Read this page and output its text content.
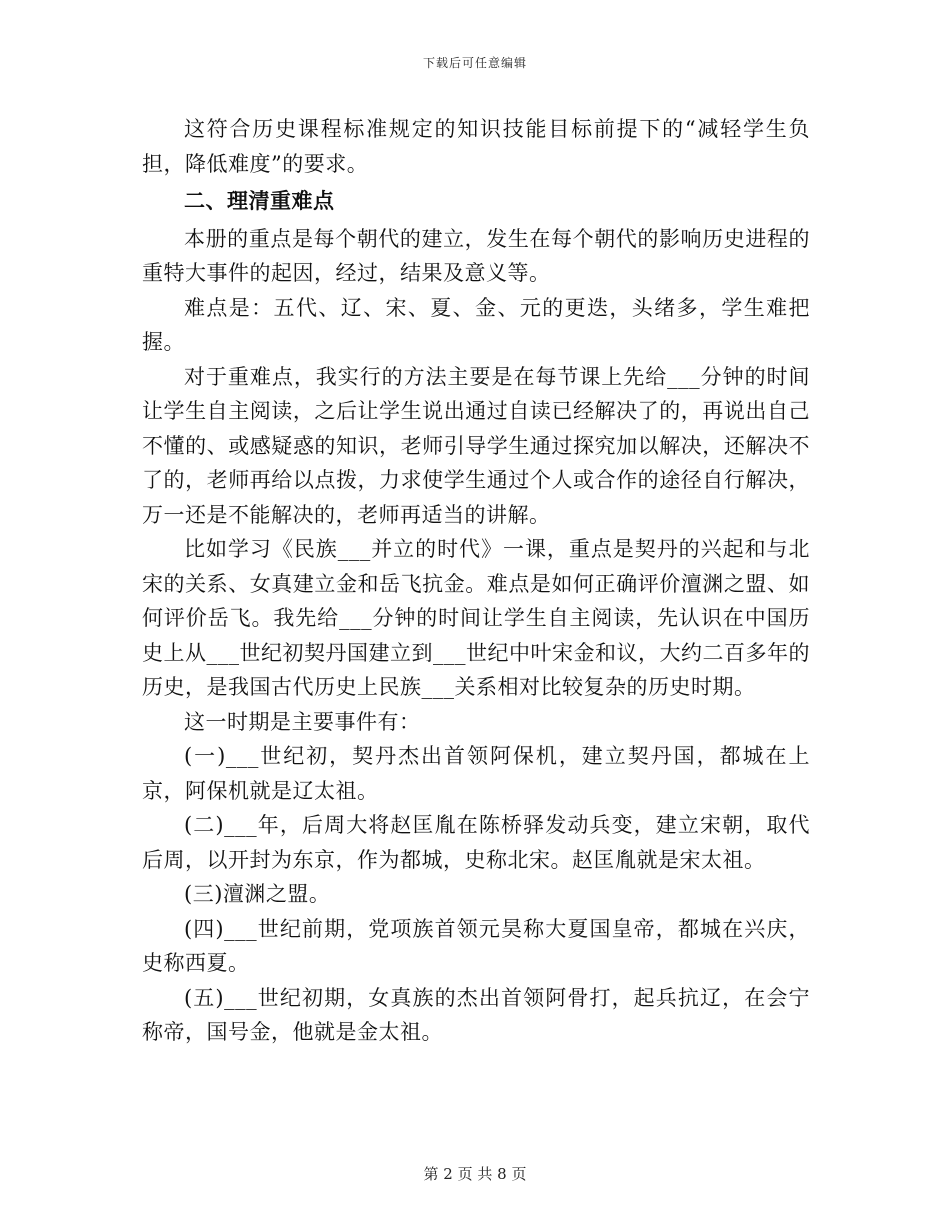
下载后可任意编辑

这符合历史课程标准规定的知识技能目标前提下的“减轻学生负担，降低难度”的要求。

二、理清重难点

本册的重点是每个朝代的建立，发生在每个朝代的影响历史进程的重特大事件的起因，经过，结果及意义等。

难点是：五代、辽、宋、夏、金、元的更迭，头绪多，学生难把握。

对于重难点，我实行的方法主要是在每节课上先给___分钟的时间让学生自主阅读，之后让学生说出通过自读已经解决了的，再说出自己不懂的、或感疑惑的知识，老师引导学生通过探究加以解决，还解决不了的，老师再给以点拨，力求使学生通过个人或合作的途径自行解决，万一还是不能解决的，老师再适当的讲解。

比如学习《民族___并立的时代》一课，重点是契丹的兴起和与北宋的关系、女真建立金和岳飞抗金。难点是如何正确评价澶渊之盟、如何评价岳飞。我先给___分钟的时间让学生自主阅读，先认识在中国历史上从___世纪初契丹国建立到___世纪中叶宋金和议，大约二百多年的历史，是我国古代历史上民族___关系相对比较复杂的历史时期。

这一时期是主要事件有：

(一)___世纪初，契丹杰出首领阿保机，建立契丹国，都城在上京，阿保机就是辽太祖。

(二)___年，后周大将赵匡胤在陈桥驿发动兵变，建立宋朝，取代后周，以开封为东京，作为都城，史称北宋。赵匡胤就是宋太祖。

(三)澶渊之盟。

(四)___世纪前期，党项族首领元昊称大夏国皇帝，都城在兴庆，史称西夏。

(五)___世纪初期，女真族的杰出首领阿骨打，起兵抗辽，在会宁称帝，国号金，他就是金太祖。

第 2 页 共 8 页
